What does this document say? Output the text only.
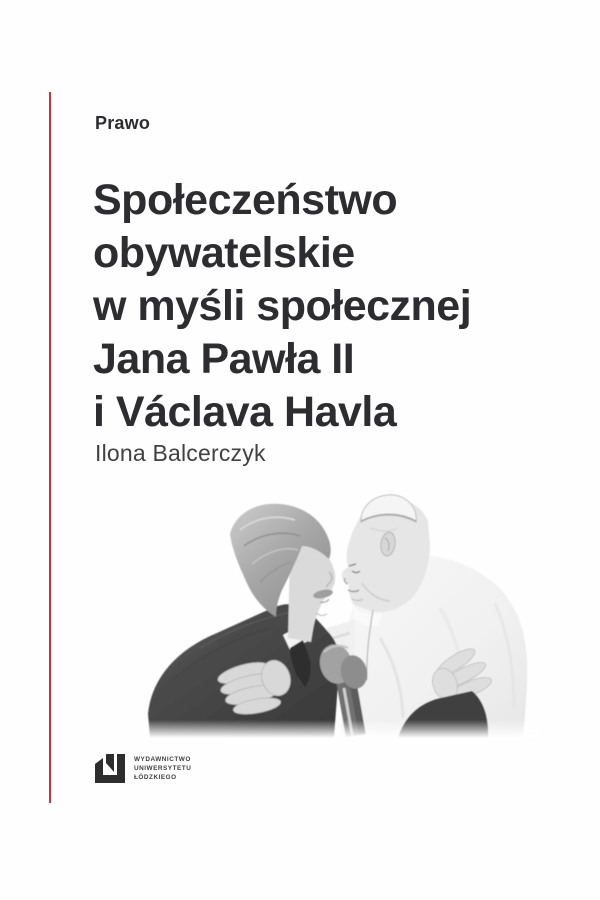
Prawo
Społeczeństwo
obywatelskie
w myśli społecznej
Jana Pawła II
i Václava Havla
Ilona Balcerczyk
WYDAWNICTWO
UNIWERSYTETU
ŁÓDZKIEGO
